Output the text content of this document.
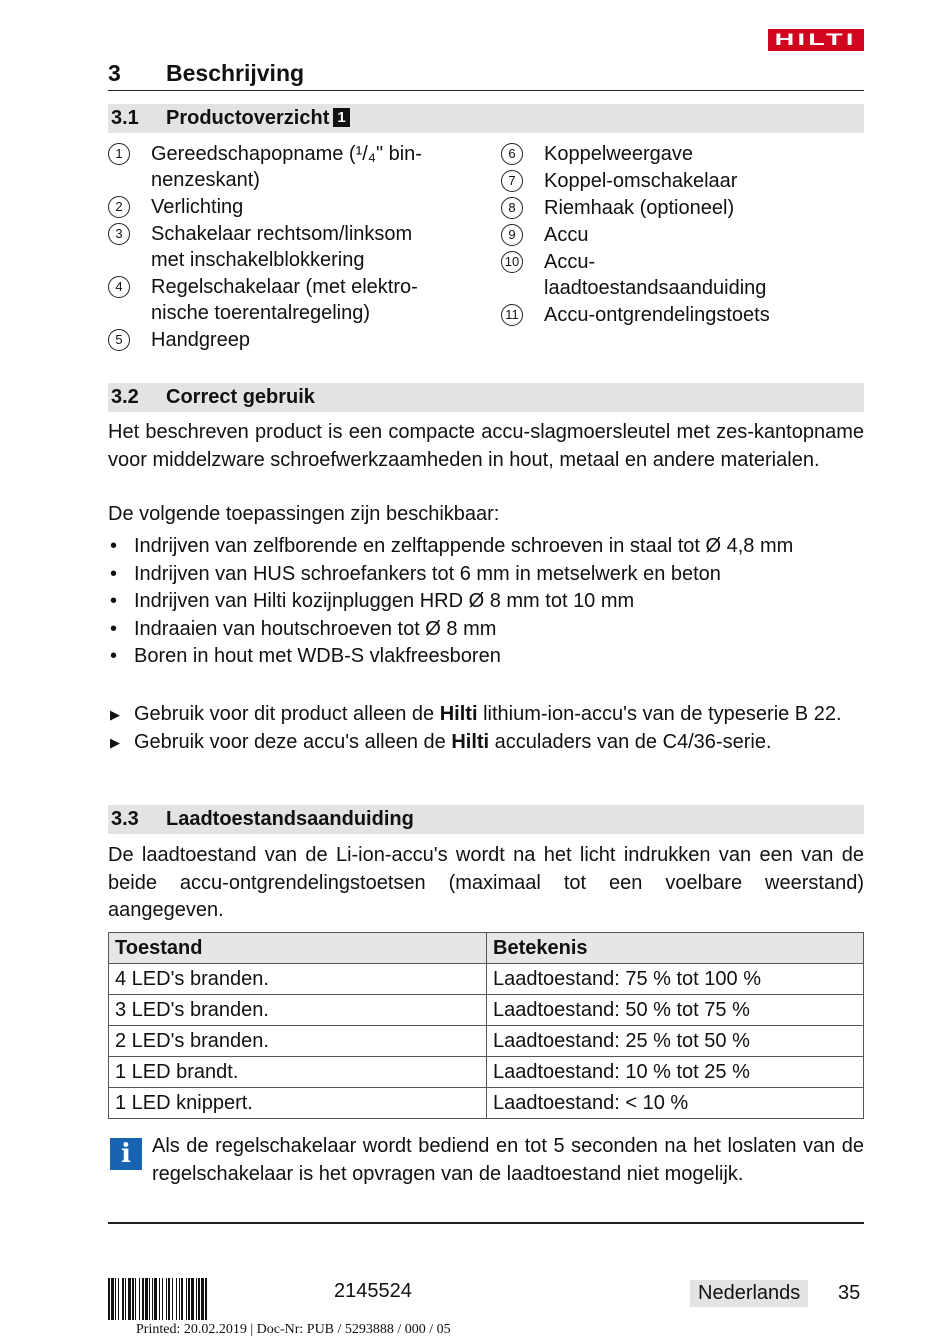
HILTI
3 Beschrijving
3.1 Productoverzicht 1
1	Gereedschapopname (¹/₄" bin-
nenzeskant)
2	Verlichting
3	Schakelaar rechtsom/linksom
met inschakelblokkering
4	Regelschakelaar (met elektro-
nische toerentalregeling)
5	Handgreep
6	Koppelweergave
7	Koppel-omschakelaar
8	Riemhaak (optioneel)
9	Accu
10 Accu-
laadtoestandsaanduiding
11 Accu-ontgrendelingstoets
3.2 Correct gebruik

Het beschreven product is een compacte accu-slagmoersleutel met zes-kantopname voor middelzware schroefwerkzaamheden in hout, metaal en andere materialen.

De volgende toepassingen zijn beschikbaar:

• Indrijven van zelfborende en zelftappende schroeven in staal tot Ø 4,8 mm
• Indrijven van HUS schroefankers tot 6 mm in metselwerk en beton
• Indrijven van Hilti kozijnpluggen HRD Ø 8 mm tot 10 mm
• Indraaien van houtschroeven tot Ø 8 mm
• Boren in hout met WDB-S vlakfreesboren
▶ Gebruik voor dit product alleen de Hilti lithium-ion-accu's van de typeserie B 22.
▶ Gebruik voor deze accu's alleen de Hilti acculaders van de C4/36-serie.
3.3 Laadtoestandsaanduiding

De laadtoestand van de Li-ion-accu's wordt na het licht indrukken van een van de beide accu-ontgrendelingstoetsen (maximaal tot een voelbare weerstand) aangegeven.

Toestand	Betekenis
4 LED's branden.	Laadtoestand: 75 % tot 100 %
3 LED's branden.	Laadtoestand: 50 % tot 75 %
2 LED's branden.	Laadtoestand: 25 % tot 50 %
1 LED brandt.	Laadtoestand: 10 % tot 25 %
1 LED knippert.	Laadtoestand: < 10 %
i	Als de regelschakelaar wordt bediend en tot 5 seconden na het loslaten van de regelschakelaar is het opvragen van de laadtoestand niet mogelijk.

2145524	Nederlands	35
Printed: 20.02.2019 | Doc-Nr: PUB / 5293888 / 000 / 05
